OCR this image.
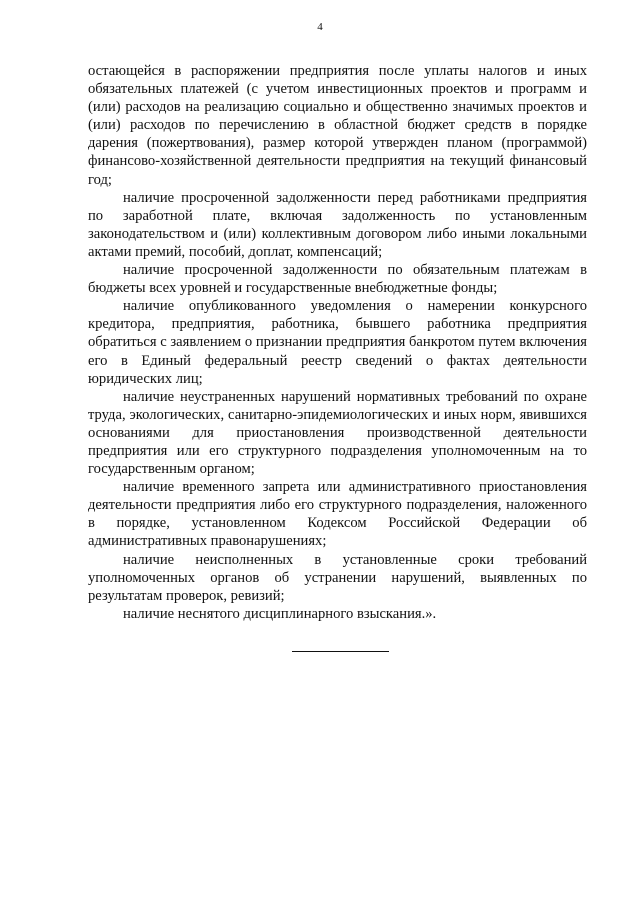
4

остающейся в распоряжении предприятия после уплаты налогов и иных обязательных платежей (с учетом инвестиционных проектов и программ и (или) расходов на реализацию социально и общественно значимых проектов и (или) расходов по перечислению в областной бюджет средств в порядке дарения (пожертвования), размер которой утвержден планом (программой) финансово-хозяйственной деятельности предприятия на текущий финансовый год;

наличие просроченной задолженности перед работниками предприятия по заработной плате, включая задолженность по установленным законодательством и (или) коллективным договором либо иными локальными актами премий, пособий, доплат, компенсаций;

наличие просроченной задолженности по обязательным платежам в бюджеты всех уровней и государственные внебюджетные фонды;

наличие опубликованного уведомления о намерении конкурсного кредитора, предприятия, работника, бывшего работника предприятия обратиться с заявлением о признании предприятия банкротом путем включения его в Единый федеральный реестр сведений о фактах деятельности юридических лиц;

наличие неустраненных нарушений нормативных требований по охране труда, экологических, санитарно-эпидемиологических и иных норм, явившихся основаниями для приостановления производственной деятельности предприятия или его структурного подразделения уполномоченным на то государственным органом;

наличие временного запрета или административного приостановления деятельности предприятия либо его структурного подразделения, наложенного в порядке, установленном Кодексом Российской Федерации об административных правонарушениях;

наличие неисполненных в установленные сроки требований уполномоченных органов об устранении нарушений, выявленных по результатам проверок, ревизий;

наличие неснятого дисциплинарного взыскания.».
